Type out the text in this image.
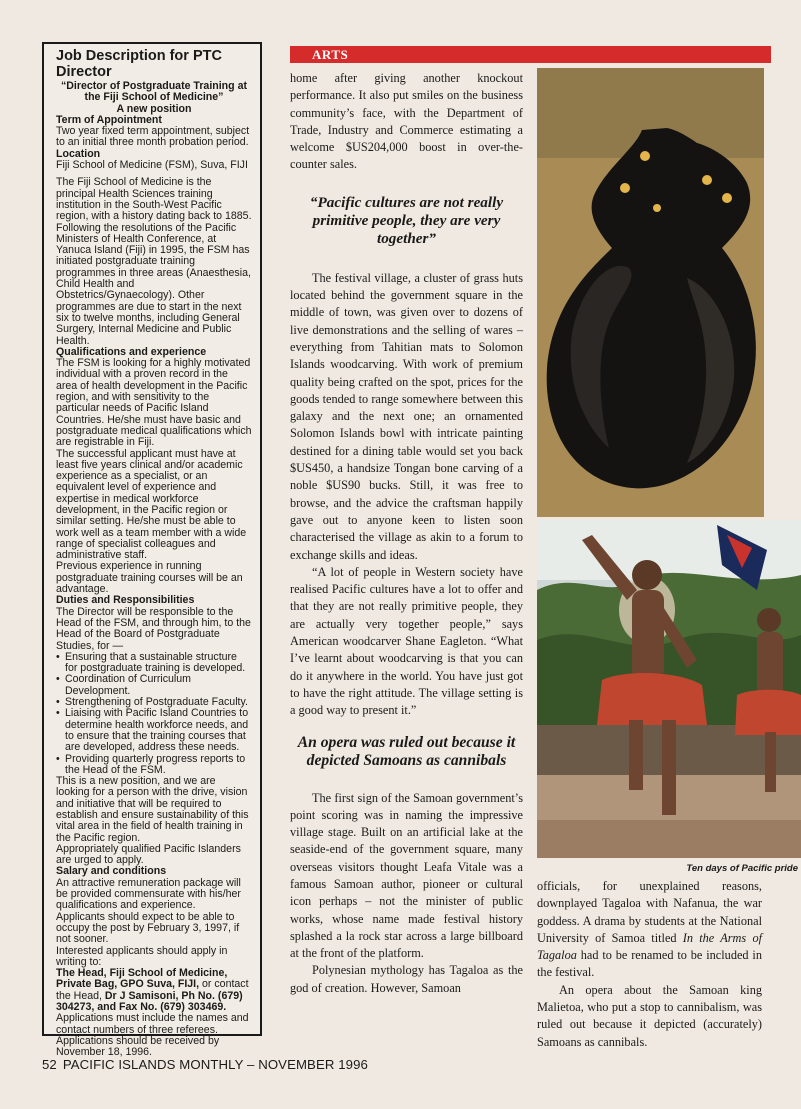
Job Description for PTC Director
“Director of Postgraduate Training at the Fiji School of Medicine”
A new position

Term of Appointment

Two year fixed term appointment, subject to an initial three month probation period.

Location

Fiji School of Medicine (FSM), Suva, FIJI

The Fiji School of Medicine is the principal Health Sciences training institution in the South-West Pacific region, with a history dating back to 1885.

Following the resolutions of the Pacific Ministers of Health Conference, at Yanuca Island (Fiji) in 1995, the FSM has initiated postgraduate training programmes in three areas (Anaesthesia, Child Health and Obstetrics/Gynaecology). Other programmes are due to start in the next six to twelve months, including General Surgery, Internal Medicine and Public Health.

Qualifications and experience

The FSM is looking for a highly motivated individual with a proven record in the area of health development in the Pacific region, and with sensitivity to the particular needs of Pacific Island Countries. He/she must have basic and postgraduate medical qualifications which are registrable in Fiji.

The successful applicant must have at least five years clinical and/or academic experience as a specialist, or an equivalent level of experience and expertise in medical workforce development, in the Pacific region or similar setting. He/she must be able to work well as a team member with a wide range of specialist colleagues and administrative staff.

Previous experience in running postgraduate training courses will be an advantage.

Duties and Responsibilities

The Director will be responsible to the Head of the FSM, and through him, to the Head of the Board of Postgraduate Studies, for —

• Ensuring that a sustainable structure for postgraduate training is developed.
• Coordination of Curriculum Development.
• Strengthening of Postgraduate Faculty.
• Liaising with Pacific Island Countries to determine health workforce needs, and to ensure that the training courses that are developed, address these needs.
• Providing quarterly progress reports to the Head of the FSM.

This is a new position, and we are looking for a person with the drive, vision and initiative that will be required to establish and ensure sustainability of this vital area in the field of health training in the Pacific region.

Appropriately qualified Pacific Islanders are urged to apply.

Salary and conditions

An attractive remuneration package will be provided commensurate with his/her qualifications and experience.

Applicants should expect to be able to occupy the post by February 3, 1997, if not sooner.

Interested applicants should apply in writing to:

The Head, Fiji School of Medicine, Private Bag, GPO Suva, FIJI, or contact the Head, Dr J Samisoni, Ph No. (679) 304273, and Fax No. (679) 303469.

Applications must include the names and contact numbers of three referees. Applications should be received by November 18, 1996.

ARTS

home after giving another knockout performance. It also put smiles on the business community’s face, with the Department of Trade, Industry and Commerce estimating a welcome $US204,000 boost in over-the-counter sales.

“Pacific cultures are not really primitive people, they are very together”

The festival village, a cluster of grass huts located behind the government square in the middle of town, was given over to dozens of live demonstrations and the selling of wares – everything from Tahitian mats to Solomon Islands woodcarving. With work of premium quality being crafted on the spot, prices for the goods tended to range somewhere between this galaxy and the next one; an ornamented Solomon Islands bowl with intricate painting destined for a dining table would set you back $US450, a handsize Tongan bone carving of a noble $US90 bucks. Still, it was free to browse, and the advice the craftsman happily gave out to anyone keen to listen soon characterised the village as akin to a forum to exchange skills and ideas.

“A lot of people in Western society have realised Pacific cultures have a lot to offer and that they are not really primitive people, they are actually very together people,” says American woodcarver Shane Eagleton. “What I’ve learnt about woodcarving is that you can do it anywhere in the world. You have just got to have the right attitude. The village setting is a good way to present it.”

An opera was ruled out because it depicted Samoans as cannibals

The first sign of the Samoan government’s point scoring was in naming the impressive village stage. Built on an artificial lake at the seaside-end of the government square, many overseas visitors thought Leafa Vitale was a famous Samoan author, pioneer or cultural icon perhaps – not the minister of public works, whose name made festival history splashed a la rock star across a large billboard at the front of the platform.

Polynesian mythology has Tagaloa as the god of creation. However, Samoan

Ten days of Pacific pride

officials, for unexplained reasons, downplayed Tagaloa with Nafanua, the war goddess. A drama by students at the National University of Samoa titled In the Arms of Tagaloa had to be renamed to be included in the festival.

An opera about the Samoan king Malietoa, who put a stop to cannibalism, was ruled out because it depicted (accurately) Samoans as cannibals.

52 PACIFIC ISLANDS MONTHLY – NOVEMBER 1996
